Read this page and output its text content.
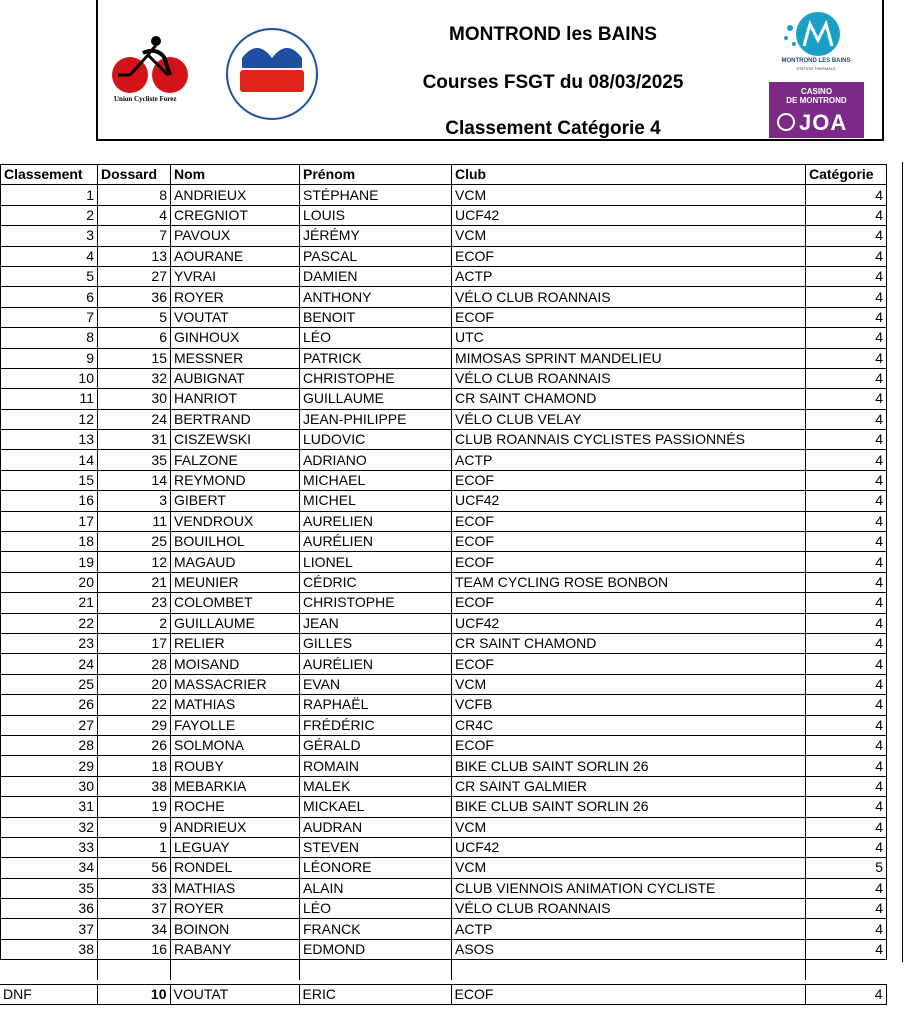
Union Cycliste Forez
MONTROND les BAINS
Courses FSGT du 08/03/2025
Classement Catégorie 4
MONTROND LES BAINS
STATION THERMALE
CASINO
DE MONTROND
JOA
Classement	Dossard	Nom	Prénom	Club	Catégorie
1	8	ANDRIEUX	STÉPHANE	VCM	4
2	4	CREGNIOT	LOUIS	UCF42	4
3	7	PAVOUX	JÉRÉMY	VCM	4
4	13	AOURANE	PASCAL	ECOF	4
5	27	YVRAI	DAMIEN	ACTP	4
6	36	ROYER	ANTHONY	VÉLO CLUB ROANNAIS	4
7	5	VOUTAT	BENOIT	ECOF	4
8	6	GINHOUX	LÉO	UTC	4
9	15	MESSNER	PATRICK	MIMOSAS SPRINT MANDELIEU	4
10	32	AUBIGNAT	CHRISTOPHE	VÉLO CLUB ROANNAIS	4
11	30	HANRIOT	GUILLAUME	CR SAINT CHAMOND	4
12	24	BERTRAND	JEAN-PHILIPPE	VÉLO CLUB VELAY	4
13	31	CISZEWSKI	LUDOVIC	CLUB ROANNAIS CYCLISTES PASSIONNÉS	4
14	35	FALZONE	ADRIANO	ACTP	4
15	14	REYMOND	MICHAEL	ECOF	4
16	3	GIBERT	MICHEL	UCF42	4
17	11	VENDROUX	AURELIEN	ECOF	4
18	25	BOUILHOL	AURÉLIEN	ECOF	4
19	12	MAGAUD	LIONEL	ECOF	4
20	21	MEUNIER	CÉDRIC	TEAM CYCLING ROSE BONBON	4
21	23	COLOMBET	CHRISTOPHE	ECOF	4
22	2	GUILLAUME	JEAN	UCF42	4
23	17	RELIER	GILLES	CR SAINT CHAMOND	4
24	28	MOISAND	AURÉLIEN	ECOF	4
25	20	MASSACRIER	EVAN	VCM	4
26	22	MATHIAS	RAPHAËL	VCFB	4
27	29	FAYOLLE	FRÉDÉRIC	CR4C	4
28	26	SOLMONA	GÉRALD	ECOF	4
29	18	ROUBY	ROMAIN	BIKE CLUB SAINT SORLIN 26	4
30	38	MEBARKIA	MALEK	CR SAINT GALMIER	4
31	19	ROCHE	MICKAEL	BIKE CLUB SAINT SORLIN 26	4
32	9	ANDRIEUX	AUDRAN	VCM	4
33	1	LEGUAY	STEVEN	UCF42	4
34	56	RONDEL	LÉONORE	VCM	5
35	33	MATHIAS	ALAIN	CLUB VIENNOIS ANIMATION CYCLISTE	4
36	37	ROYER	LÉO	VÉLO CLUB ROANNAIS	4
37	34	BOINON	FRANCK	ACTP	4
38	16	RABANY	EDMOND	ASOS	4

DNF	10	VOUTAT	ERIC	ECOF	4
